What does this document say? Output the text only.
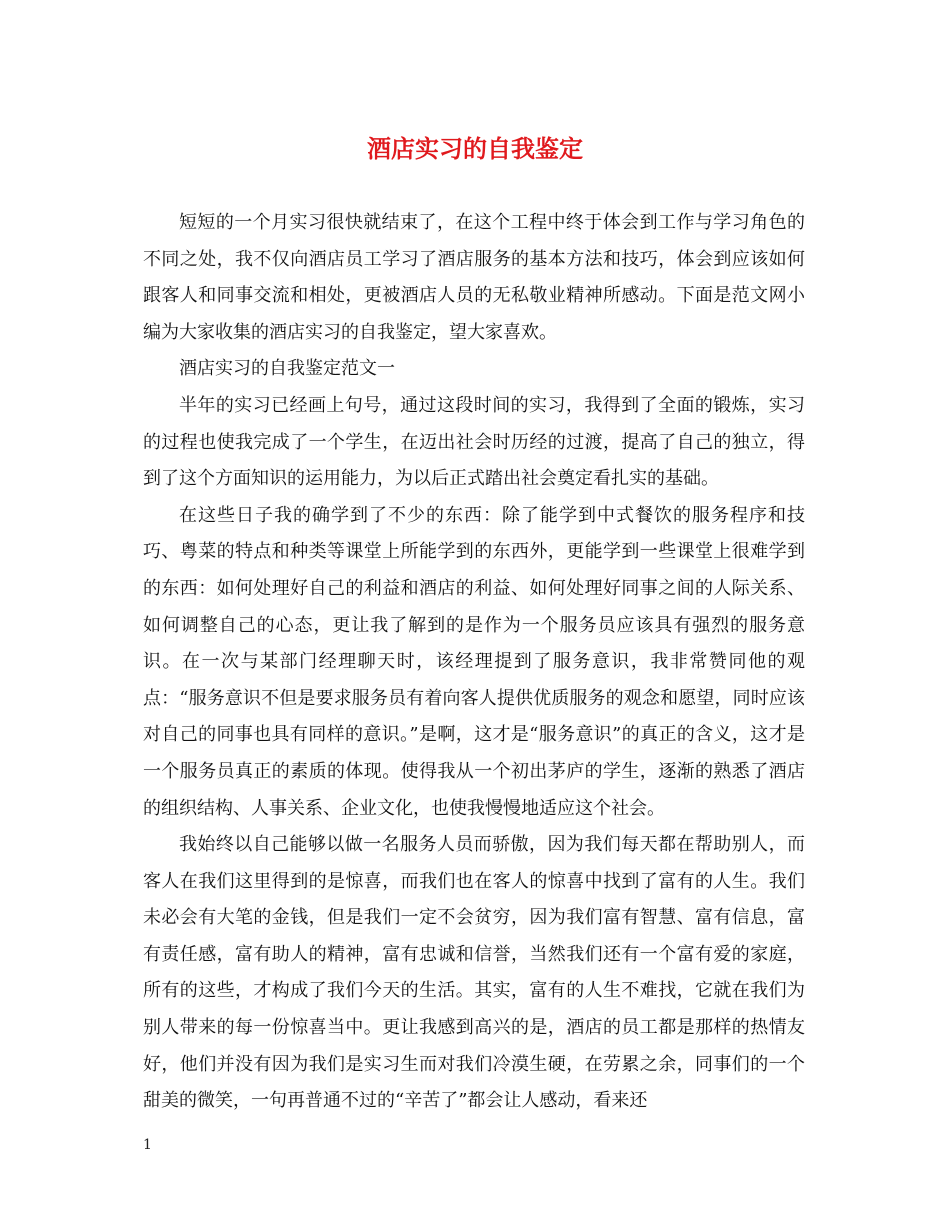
酒店实习的自我鉴定

短短的一个月实习很快就结束了，在这个工程中终于体会到工作与学习角色的不同之处，我不仅向酒店员工学习了酒店服务的基本方法和技巧，体会到应该如何跟客人和同事交流和相处，更被酒店人员的无私敬业精神所感动。下面是范文网小编为大家收集的酒店实习的自我鉴定，望大家喜欢。

酒店实习的自我鉴定范文一

半年的实习已经画上句号，通过这段时间的实习，我得到了全面的锻炼，实习的过程也使我完成了一个学生，在迈出社会时历经的过渡，提高了自己的独立，得到了这个方面知识的运用能力，为以后正式踏出社会奠定看扎实的基础。

在这些日子我的确学到了不少的东西：除了能学到中式餐饮的服务程序和技巧、粤菜的特点和种类等课堂上所能学到的东西外，更能学到一些课堂上很难学到的东西：如何处理好自己的利益和酒店的利益、如何处理好同事之间的人际关系、如何调整自己的心态，更让我了解到的是作为一个服务员应该具有强烈的服务意识。在一次与某部门经理聊天时，该经理提到了服务意识，我非常赞同他的观点：“服务意识不但是要求服务员有着向客人提供优质服务的观念和愿望，同时应该对自己的同事也具有同样的意识。”是啊，这才是“服务意识”的真正的含义，这才是一个服务员真正的素质的体现。使得我从一个初出茅庐的学生，逐渐的熟悉了酒店的组织结构、人事关系、企业文化，也使我慢慢地适应这个社会。

我始终以自己能够以做一名服务人员而骄傲，因为我们每天都在帮助别人，而客人在我们这里得到的是惊喜，而我们也在客人的惊喜中找到了富有的人生。我们未必会有大笔的金钱，但是我们一定不会贫穷，因为我们富有智慧、富有信息，富有责任感，富有助人的精神，富有忠诚和信誉，当然我们还有一个富有爱的家庭，所有的这些，才构成了我们今天的生活。其实，富有的人生不难找，它就在我们为别人带来的每一份惊喜当中。更让我感到高兴的是，酒店的员工都是那样的热情友好，他们并没有因为我们是实习生而对我们冷漠生硬，在劳累之余，同事们的一个甜美的微笑，一句再普通不过的“辛苦了”都会让人感动，看来还

1
